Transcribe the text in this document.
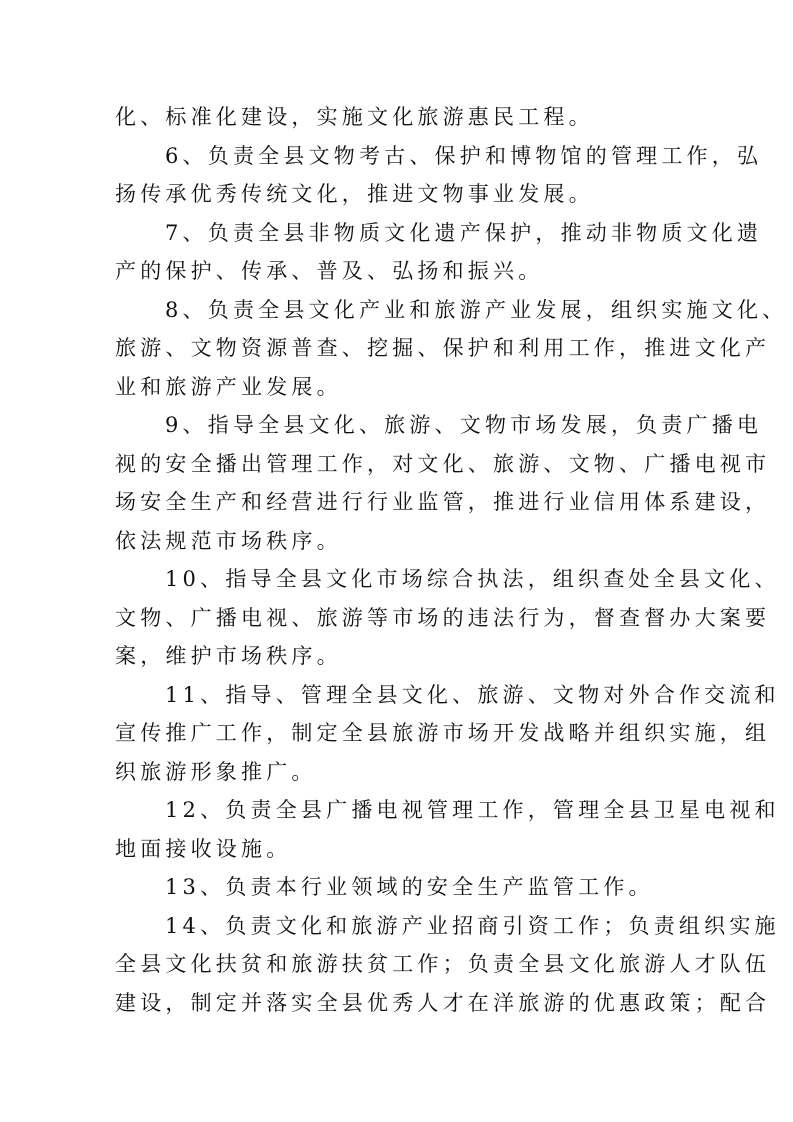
化、标准化建设，实施文化旅游惠民工程。
6、负责全县文物考古、保护和博物馆的管理工作，弘
扬传承优秀传统文化，推进文物事业发展。
7、负责全县非物质文化遗产保护，推动非物质文化遗
产的保护、传承、普及、弘扬和振兴。
8、负责全县文化产业和旅游产业发展，组织实施文化、
旅游、文物资源普查、挖掘、保护和利用工作，推进文化产
业和旅游产业发展。
9、指导全县文化、旅游、文物市场发展，负责广播电
视的安全播出管理工作，对文化、旅游、文物、广播电视市
场安全生产和经营进行行业监管，推进行业信用体系建设，
依法规范市场秩序。
10、指导全县文化市场综合执法，组织查处全县文化、
文物、广播电视、旅游等市场的违法行为，督查督办大案要
案，维护市场秩序。
11、指导、管理全县文化、旅游、文物对外合作交流和
宣传推广工作，制定全县旅游市场开发战略并组织实施，组
织旅游形象推广。
12、负责全县广播电视管理工作，管理全县卫星电视和
地面接收设施。
13、负责本行业领域的安全生产监管工作。
14、负责文化和旅游产业招商引资工作；负责组织实施
全县文化扶贫和旅游扶贫工作；负责全县文化旅游人才队伍
建设，制定并落实全县优秀人才在洋旅游的优惠政策；配合
